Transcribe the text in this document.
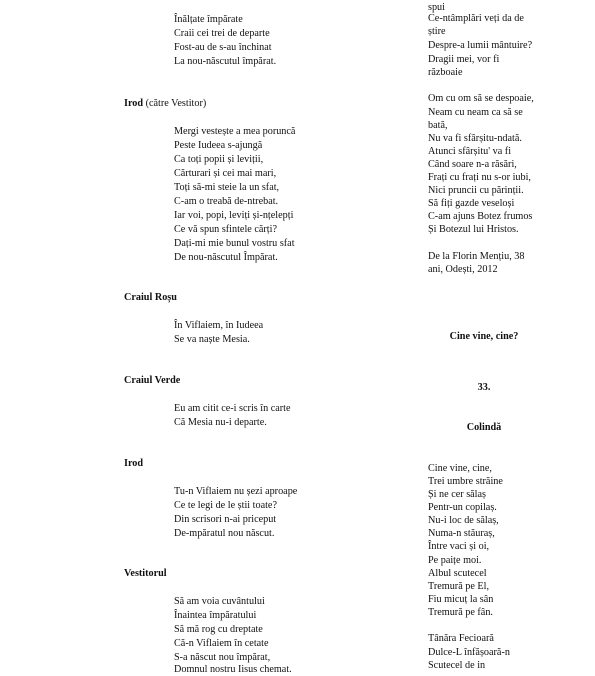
Înălțate împărate
Craii cei trei de departe
Fost-au de s-au închinat
La nou-născutul împărat.
Irod (către Vestitor)
Mergi vestește a mea poruncă
Peste Iudeea s-ajungă
Ca toți popii și leviții,
Cărturari și cei mai mari,
Toți să-mi steie la un sfat,
C-am o treabă de-ntrebat.
Iar voi, popi, leviți și-nțelepți
Ce vă spun sfintele cărți?
Dați-mi mie bunul vostru sfat
De nou-născutul Împărat.
Craiul Roșu
În Viflaiem, în Iudeea
Se va naște Mesia.
Craiul Verde
Eu am citit ce-i scris în carte
Că Mesia nu-i departe.
Irod
Tu-n Viflaiem nu șezi aproape
Ce te legi de le știi toate?
Din scrisori n-ai priceput
De-mpăratul nou născut.
Vestitorul
Să am voia cuvântului
Înaintea împăratului
Să mă rog cu dreptate
Că-n Viflaiem în cetate
S-a născut nou împărat,
Domnul nostru Iisus chemat.
spui
Ce-ntâmplări veți da de
știre
Despre-a lumii mântuire?
Dragii mei, vor fi
războaie
Om cu om să se despoaie,
Neam cu neam ca să se
bată,
Nu va fi sfârșitu-ndată.
Atunci sfârșitu' va fi
Când soare n-a răsări,
Frați cu frați nu s-or iubi,
Nici pruncii cu părinții.
Să fiți gazde veseloși
C-am ajuns Botez frumos
Și Botezul lui Hristos.
De la Florin Mențiu, 38
ani, Odești, 2012
Cine vine, cine?
33.
Colindă
Cine vine, cine,
Trei umbre străine
Și ne cer sălaș
Pentr-un copilaș.
Nu-i loc de sălaș,
Numa-n stăuraș,
Între vaci și oi,
Pe paițe moi.
Albul scutecel
Tremură pe El,
Fiu micuț la sân
Tremură pe fân.
Tânăra Fecioară
Dulce-L înfășoară-n
Scutecel de in
